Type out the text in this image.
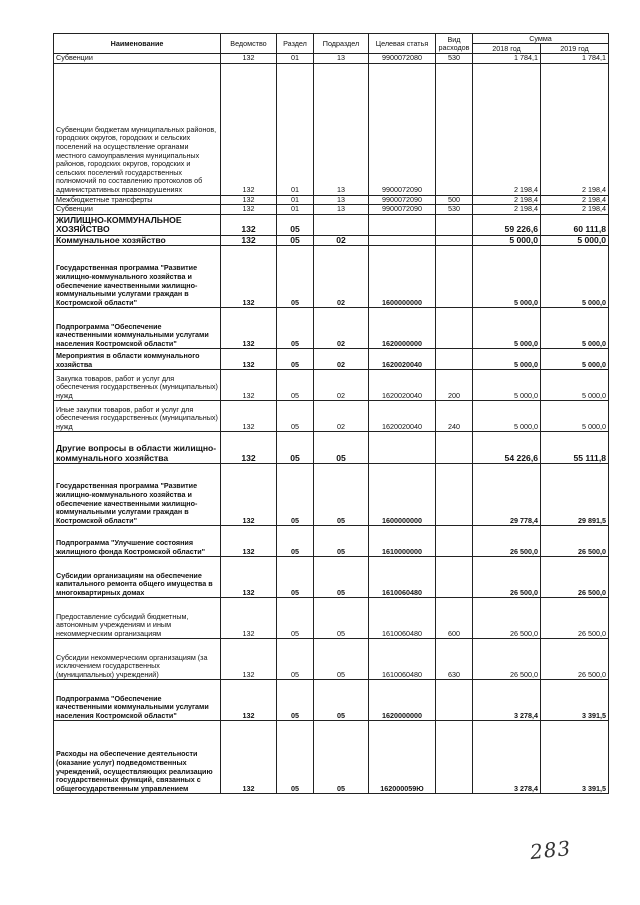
Наименование	Ведомство	Раздел	Подраздел	Целевая статья	Вид расходов	Сумма	
						2018 год	2019 год
Субвенции	132	01	13	9900072080	530	1 784,1	1 784,1
Субвенции бюджетам муниципальных районов, городских округов, городских и сельских поселений на осуществление органами местного самоуправления муниципальных районов, городских округов, городских и сельских поселений государственных полномочий по составлению протоколов об административных правонарушениях	132	01	13	9900072090		2 198,4	2 198,4
Межбюджетные трансферты	132	01	13	9900072090	500	2 198,4	2 198,4
Субвенции	132	01	13	9900072090	530	2 198,4	2 198,4
ЖИЛИЩНО-КОММУНАЛЬНОЕ ХОЗЯЙСТВО	132	05				59 226,6	60 111,8
Коммунальное хозяйство	132	05	02			5 000,0	5 000,0
Государственная программа "Развитие жилищно-коммунального хозяйства и обеспечение качественными жилищно-коммунальными услугами граждан в Костромской области"	132	05	02	1600000000		5 000,0	5 000,0
Подпрограмма "Обеспечение качественными коммунальными услугами населения Костромской области"	132	05	02	1620000000		5 000,0	5 000,0
Мероприятия в области коммунального хозяйства	132	05	02	1620020040		5 000,0	5 000,0
Закупка товаров, работ и услуг для обеспечения государственных (муниципальных) нужд	132	05	02	1620020040	200	5 000,0	5 000,0
Иные закупки товаров, работ и услуг для обеспечения государственных (муниципальных) нужд	132	05	02	1620020040	240	5 000,0	5 000,0
Другие вопросы в области жилищно-коммунального хозяйства	132	05	05			54 226,6	55 111,8
Государственная программа "Развитие жилищно-коммунального хозяйства и обеспечение качественными жилищно-коммунальными услугами граждан в Костромской области"	132	05	05	1600000000		29 778,4	29 891,5
Подпрограмма "Улучшение состояния жилищного фонда Костромской области"	132	05	05	1610000000		26 500,0	26 500,0
Субсидии организациям на обеспечение капитального ремонта общего имущества в многоквартирных домах	132	05	05	1610060480		26 500,0	26 500,0
Предоставление субсидий бюджетным, автономным учреждениям и иным некоммерческим организациям	132	05	05	1610060480	600	26 500,0	26 500,0
Субсидии некоммерческим организациям (за исключением государственных (муниципальных) учреждений)	132	05	05	1610060480	630	26 500,0	26 500,0
Подпрограмма "Обеспечение качественными коммунальными услугами населения Костромской области"	132	05	05	1620000000		3 278,4	3 391,5
Расходы на обеспечение деятельности (оказание услуг) подведомственных учреждений, осуществляющих реализацию государственных функций, связанных с общегосударственным управлением	132	05	05	162000059Ю		3 278,4	3 391,5
283
